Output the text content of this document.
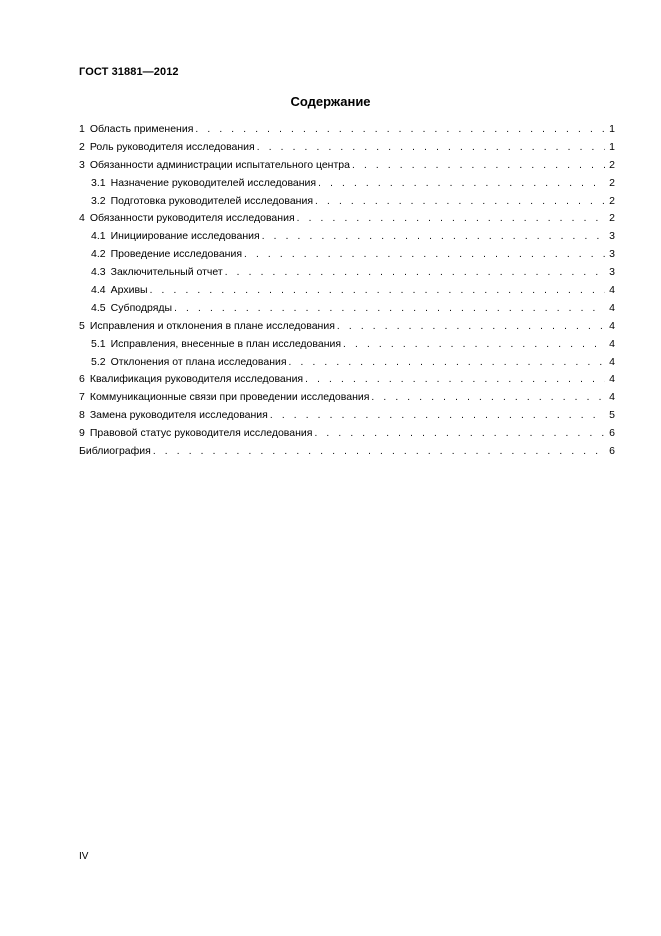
ГОСТ 31881—2012
Содержание
1 Область применения . . .	1
2 Роль руководителя исследования . . .	1
3 Обязанности администрации испытательного центра . . .	2
3.1 Назначение руководителей исследования . . .	2
3.2 Подготовка руководителей исследования . . .	2
4 Обязанности руководителя исследования . . .	2
4.1 Инициирование исследования . . .	3
4.2 Проведение исследования . . .	3
4.3 Заключительный отчет . . .	3
4.4 Архивы . . .	4
4.5 Субподряды . . .	4
5 Исправления и отклонения в плане исследования . . .	4
5.1 Исправления, внесенные в план исследования . . .	4
5.2 Отклонения от плана исследования . . .	4
6 Квалификация руководителя исследования . . .	4
7 Коммуникационные связи при проведении исследования . . .	4
8 Замена руководителя исследования . . .	5
9 Правовой статус руководителя исследования . . .	6
Библиография . . .	6
IV
